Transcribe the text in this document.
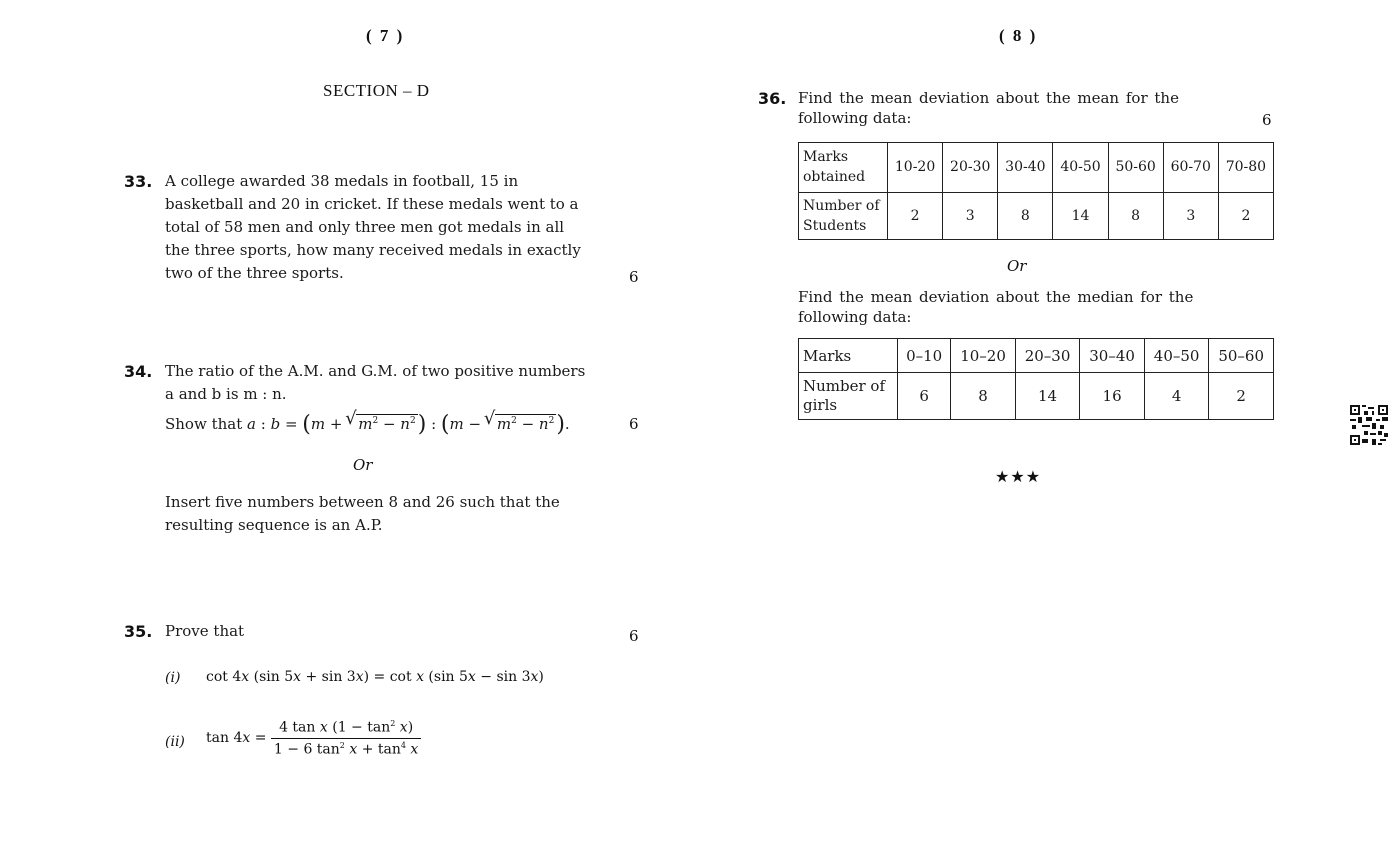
( 7 )
SECTION – D
33. A college awarded 38 medals in football, 15 in
basketball and 20 in cricket. If these medals went to a
total of 58 men and only three men got medals in all
the three sports, how many received medals in exactly
two of the three sports.	6
34. The ratio of the A.M. and G.M. of two positive numbers
a and b is m : n.
Show that a : b = (m + √ $m^2 - n^2$) : (m − √ $m^2 - n^2$).	6
Or
Insert five numbers between 8 and 26 such that the
resulting sequence is an A.P.
35. Prove that	6
(i) cot 4x (sin 5x + sin 3x) = cot x (sin 5x − sin 3x)
(ii) $\tan 4x = \frac{4 \tan x (1 - \tan^2 x)}{1 - 6 \tan^2 x + \tan^4 x}$
( 8 )
36. Find the mean deviation about the mean for the
following data:	6
Marks
obtained	10-20	20-30	30-40	40-50	50-60	60-70	70-80

Number of
Students	2	3	8	14	8	3	2
Or
Find the mean deviation about the median for the
following data:
Marks	0–10	10–20	20–30	30–40	40–50	50–60

Number of
girls	6	8	14	16	4	2
★★★
